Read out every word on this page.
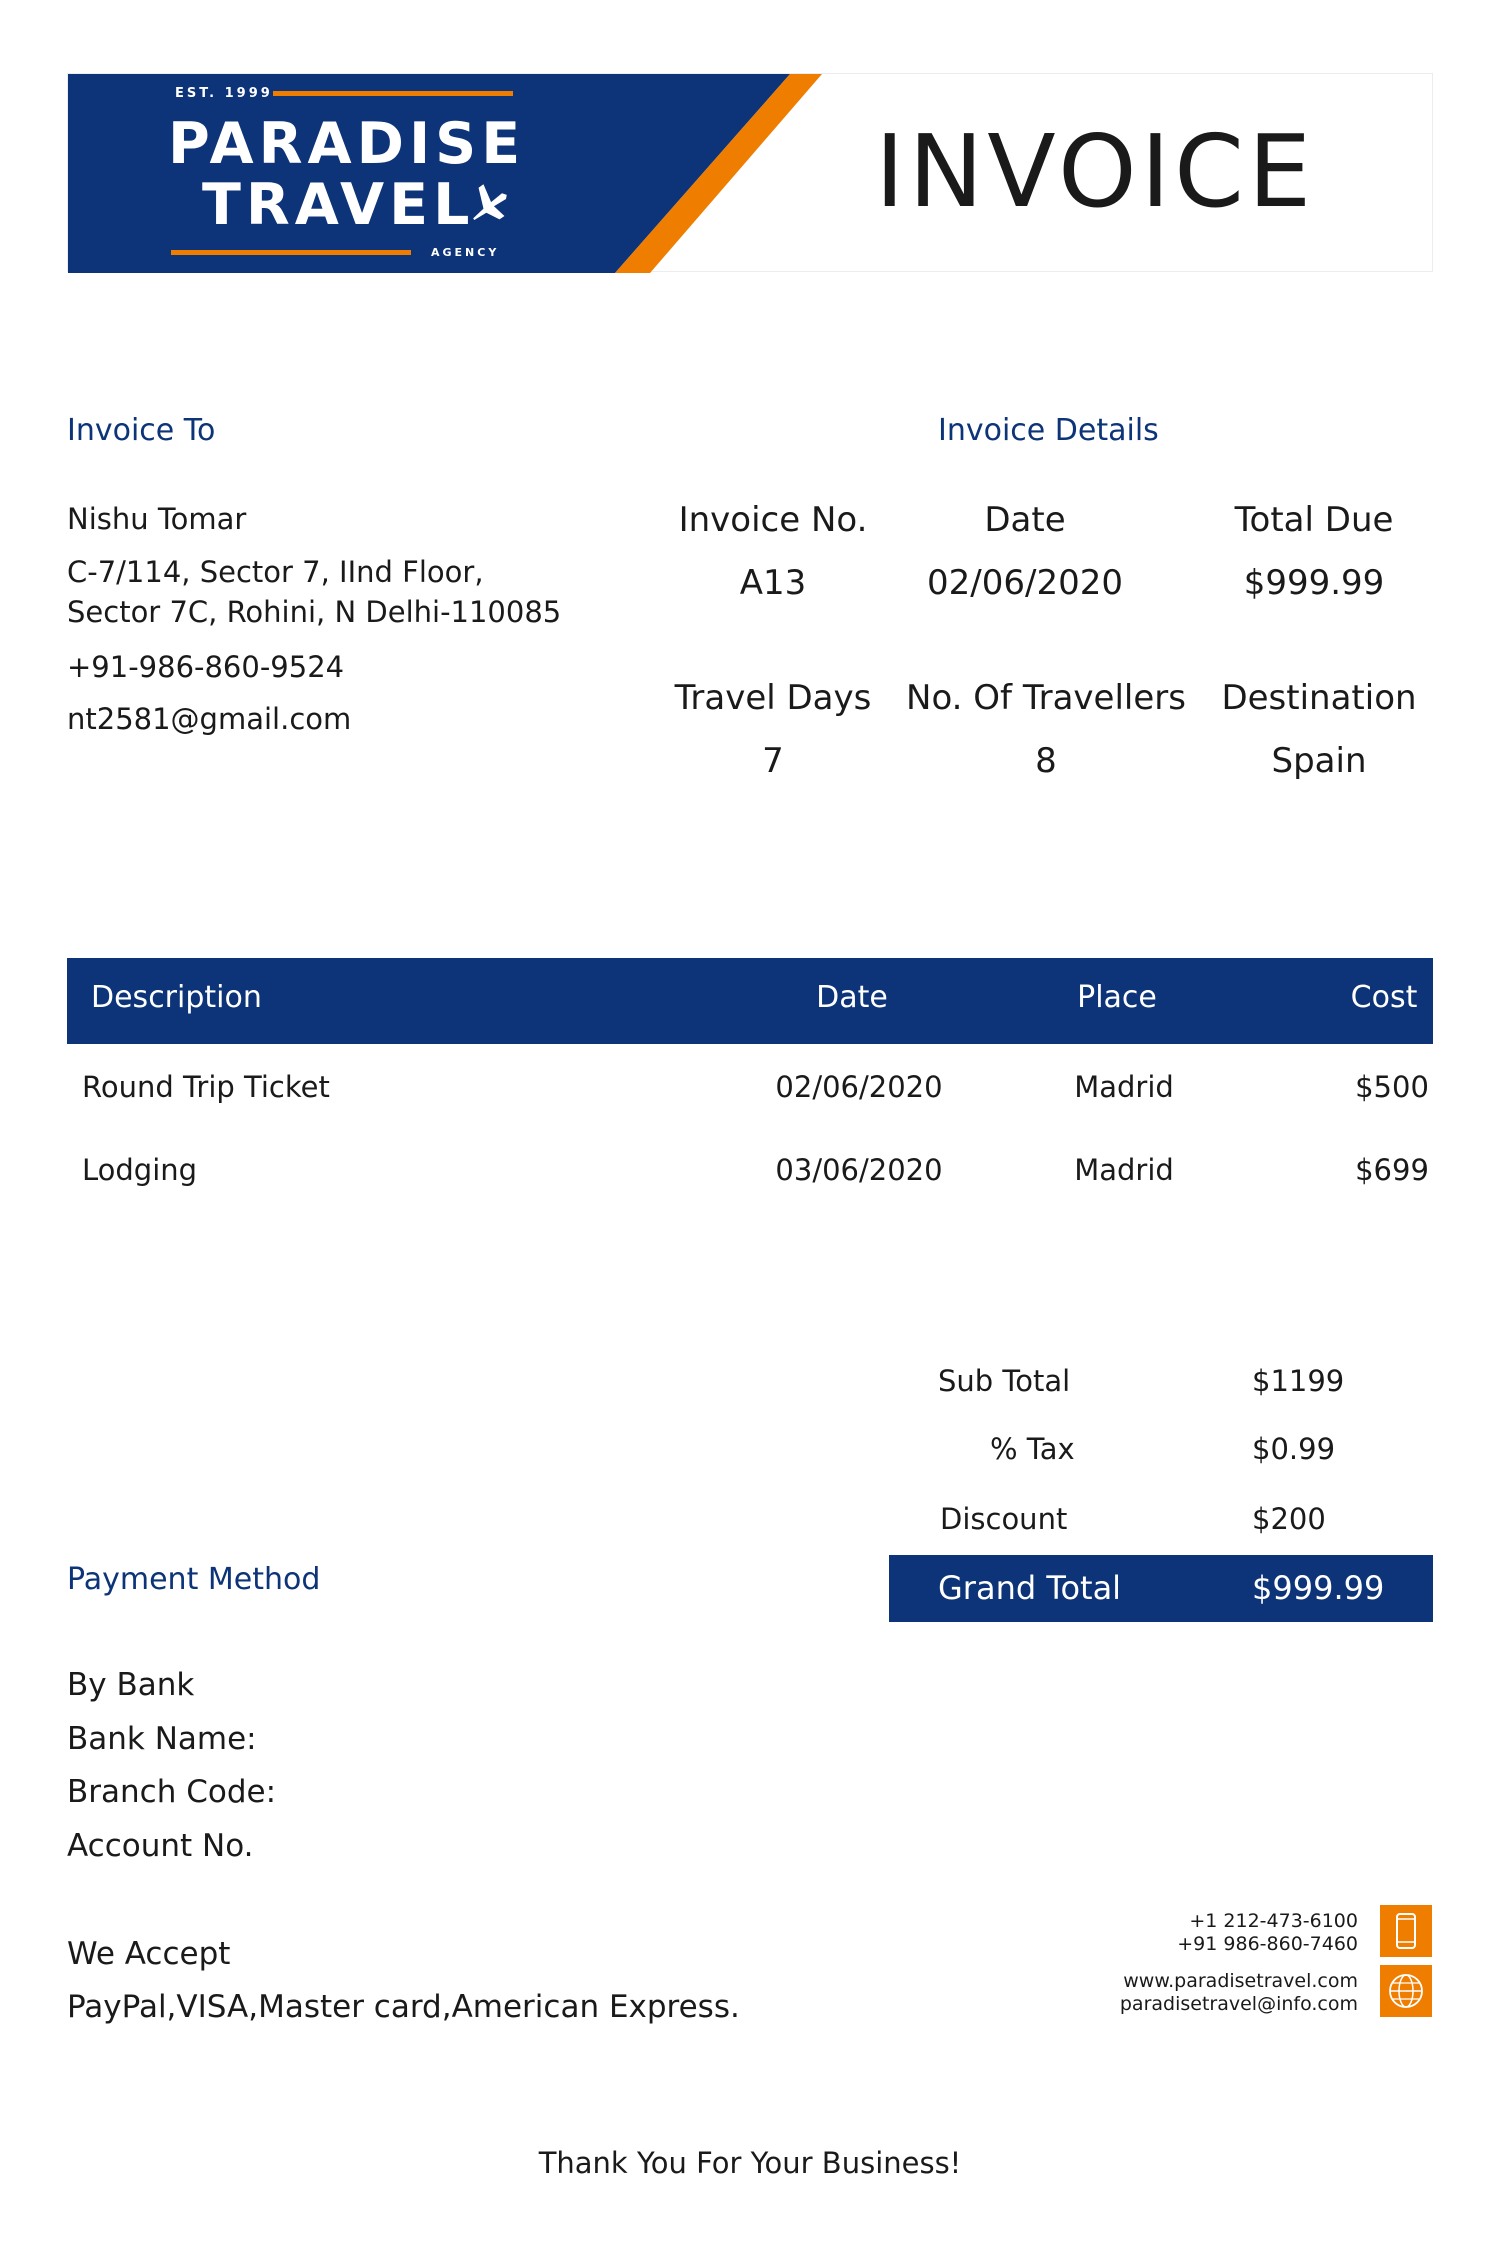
EST. 1999
PARADISE
TRAVEL
AGENCY
INVOICE
Invoice To
Nishu Tomar
C-7/114, Sector 7, IInd Floor,
Sector 7C, Rohini, N Delhi-110085
+91-986-860-9524
nt2581@gmail.com
Invoice Details
Invoice No.
A13
Date
02/06/2020
Total Due
$999.99
Travel Days
7
No. Of Travellers
8
Destination
Spain
Description	Date	Place	Cost
Round Trip Ticket	02/06/2020	Madrid	$500
Lodging	03/06/2020	Madrid	$699
Sub Total	$1199
% Tax	$0.99
Discount	$200
Grand Total	$999.99
Payment Method
By Bank
Bank Name:
Branch Code:
Account No.
We Accept
PayPal,VISA,Master card,American Express.
+1 212-473-6100
+91 986-860-7460
www.paradisetravel.com
paradisetravel@info.com
Thank You For Your Business!
